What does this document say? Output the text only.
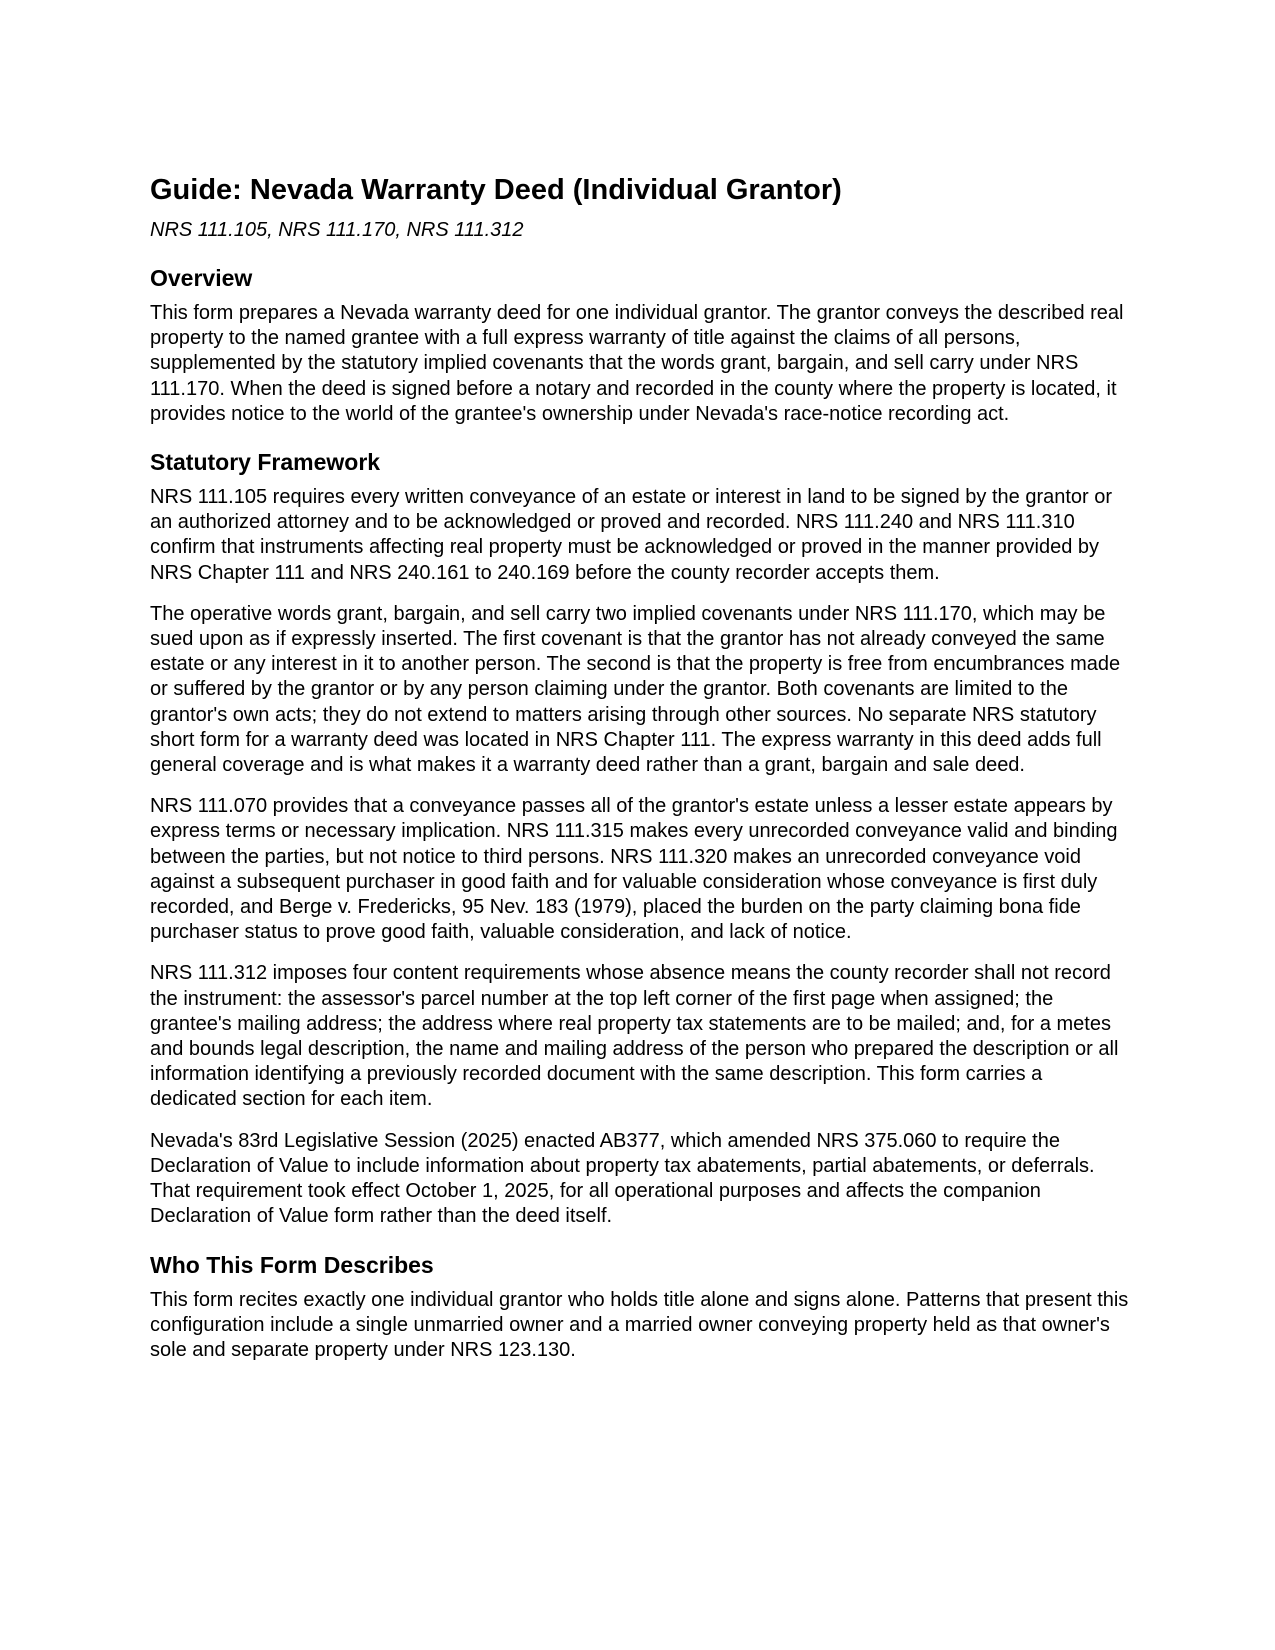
Guide: Nevada Warranty Deed (Individual Grantor)

NRS 111.105, NRS 111.170, NRS 111.312

Overview

This form prepares a Nevada warranty deed for one individual grantor. The grantor conveys the described real property to the named grantee with a full express warranty of title against the claims of all persons, supplemented by the statutory implied covenants that the words grant, bargain, and sell carry under NRS 111.170. When the deed is signed before a notary and recorded in the county where the property is located, it provides notice to the world of the grantee's ownership under Nevada's race-notice recording act.

Statutory Framework

NRS 111.105 requires every written conveyance of an estate or interest in land to be signed by the grantor or an authorized attorney and to be acknowledged or proved and recorded. NRS 111.240 and NRS 111.310 confirm that instruments affecting real property must be acknowledged or proved in the manner provided by NRS Chapter 111 and NRS 240.161 to 240.169 before the county recorder accepts them.

The operative words grant, bargain, and sell carry two implied covenants under NRS 111.170, which may be sued upon as if expressly inserted. The first covenant is that the grantor has not already conveyed the same estate or any interest in it to another person. The second is that the property is free from encumbrances made or suffered by the grantor or by any person claiming under the grantor. Both covenants are limited to the grantor's own acts; they do not extend to matters arising through other sources. No separate NRS statutory short form for a warranty deed was located in NRS Chapter 111. The express warranty in this deed adds full general coverage and is what makes it a warranty deed rather than a grant, bargain and sale deed.

NRS 111.070 provides that a conveyance passes all of the grantor's estate unless a lesser estate appears by express terms or necessary implication. NRS 111.315 makes every unrecorded conveyance valid and binding between the parties, but not notice to third persons. NRS 111.320 makes an unrecorded conveyance void against a subsequent purchaser in good faith and for valuable consideration whose conveyance is first duly recorded, and Berge v. Fredericks, 95 Nev. 183 (1979), placed the burden on the party claiming bona fide purchaser status to prove good faith, valuable consideration, and lack of notice.

NRS 111.312 imposes four content requirements whose absence means the county recorder shall not record the instrument: the assessor's parcel number at the top left corner of the first page when assigned; the grantee's mailing address; the address where real property tax statements are to be mailed; and, for a metes and bounds legal description, the name and mailing address of the person who prepared the description or all information identifying a previously recorded document with the same description. This form carries a dedicated section for each item.

Nevada's 83rd Legislative Session (2025) enacted AB377, which amended NRS 375.060 to require the Declaration of Value to include information about property tax abatements, partial abatements, or deferrals. That requirement took effect October 1, 2025, for all operational purposes and affects the companion Declaration of Value form rather than the deed itself.

Who This Form Describes

This form recites exactly one individual grantor who holds title alone and signs alone. Patterns that present this configuration include a single unmarried owner and a married owner conveying property held as that owner's sole and separate property under NRS 123.130.
